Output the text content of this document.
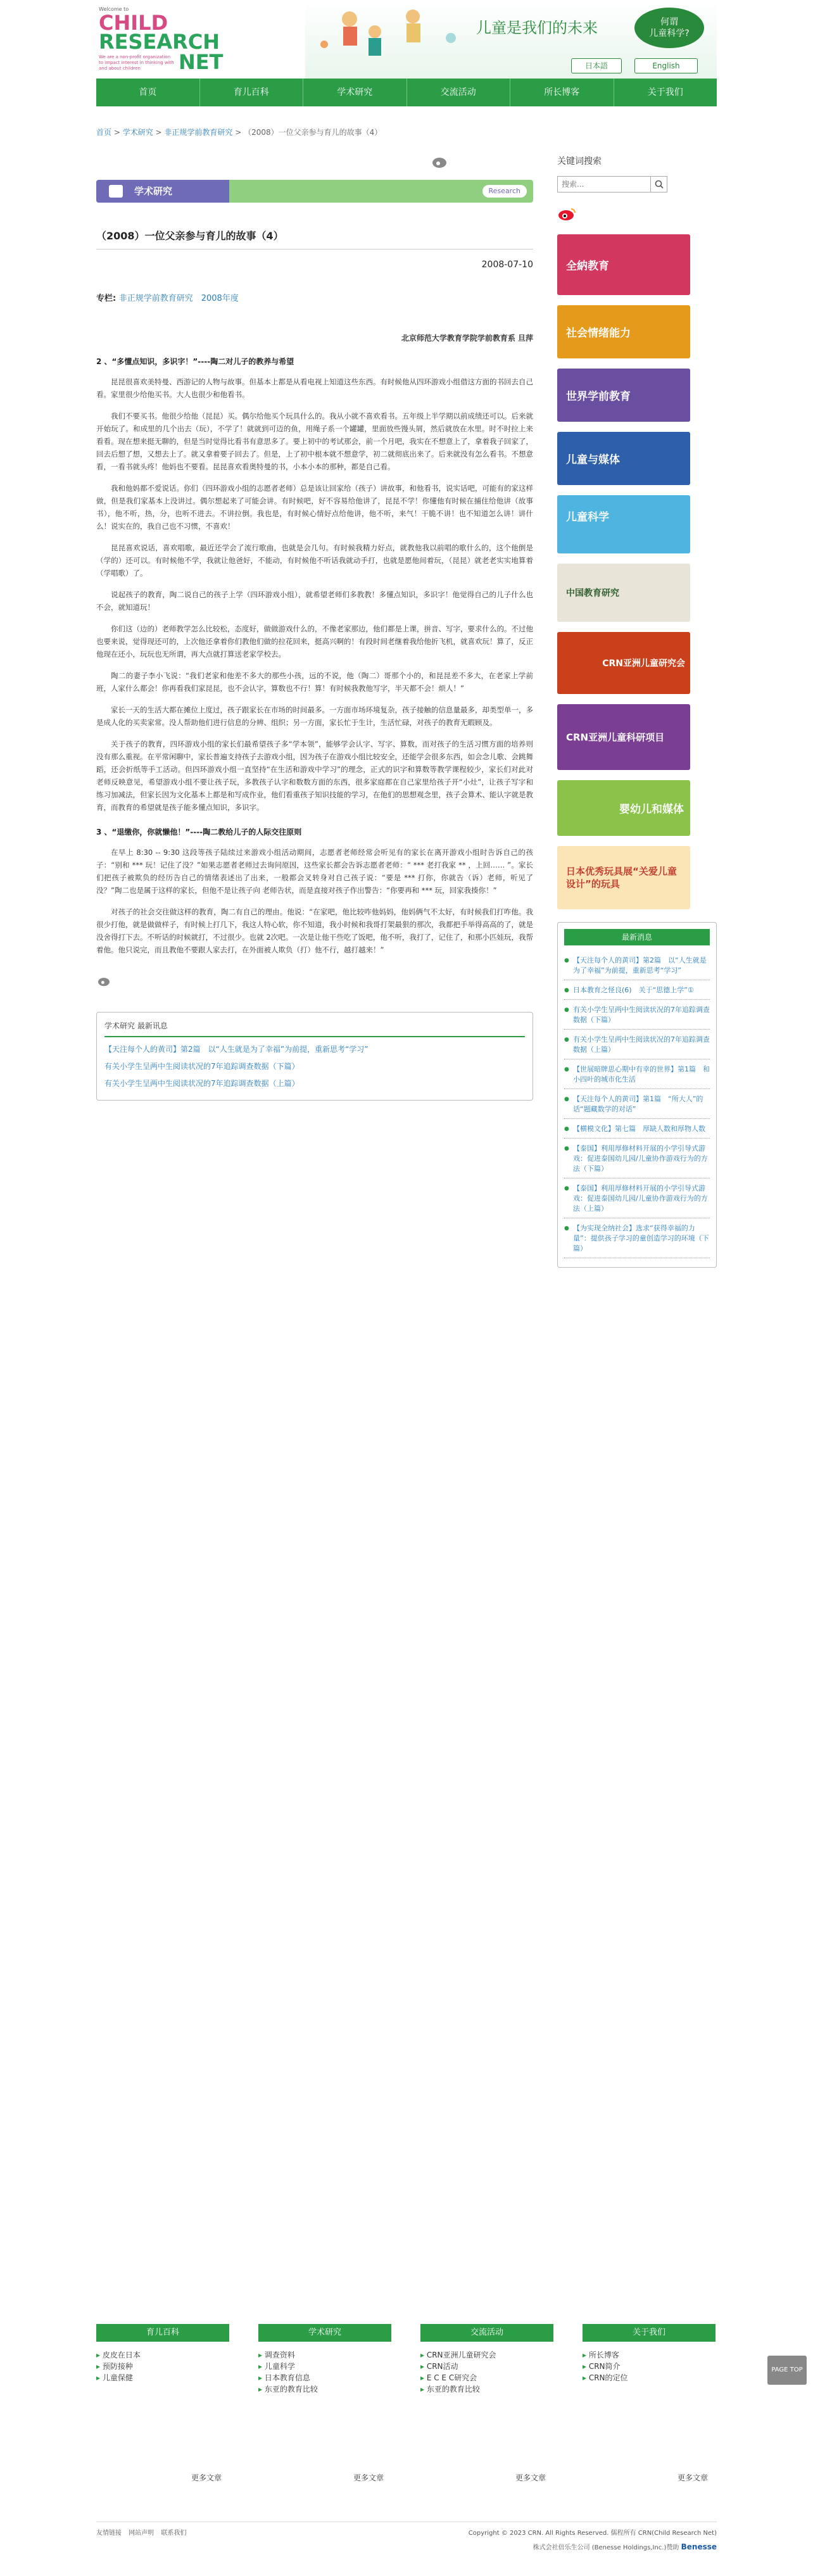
Welcome to
CHILD
RESEARCH
NET
We are a non-profit organization to impact interest in thinking with and about children
儿童是我们的未来	何谓
儿童科学?
日本語	English
首页	育儿百科	学术研究	交流活动	所长博客	关于我们
首页 > 学术研究 > 非正规学前教育研究 > （2008）一位父亲参与育儿的故事（4）
学术研究	Research
（2008）一位父亲参与育儿的故事（4）
2008-07-10
专栏: 非正规学前教育研究　2008年度
北京师范大学教育学院学前教育系 旦萍
2 、“多懂点知识，多识字！”----陶二对儿子的教养与希望

昆昆很喜欢美特曼、西游记的人物与故事。但基本上都是从看电视上知道这些东西。有时候他从四环游戏小组借这方面的书回去自己看。家里很少给他买书。大人也很少和他看书。

我们不要买书。他很少给他（昆昆）买。偶尔给他买个玩具什么的。我从小就不喜欢看书。五年级上半学期以前成绩还可以。后来就开始玩了。和成里的几个出去（玩），不学了！就就到可迈的鱼，用绳子系一个罐罐，里面放些馒头屑，然后就放在水里。时不时拉上来看看。现在想来挺无聊的，但是当时觉得比看书有意思多了。要上初中的考试那会，前一个月吧，我实在不想意上了，拿着我子回家了，回去后想了想，又想去上了。就又拿着要子回去了。但是，上了初中根本就不想意学，初二就彻底出来了。后来就没有怎么看书。不想意看，一看书就头疼！他妈也不要看。昆昆喜欢看奥特曼的书，小本小本的那种，都是自己看。

我和他妈都不爱说话。你们（四环游戏小组的志愿者老师）总是该让回家给（孩子）讲故事，和他看书，说实话吧，可能有的家这样做，但是我们家基本上没讲过。偶尔想起来了可能会讲。有时候吧，好不容易给他讲了，昆昆不学！你懂他有时候在捕住给他讲（故事书），他不听，热，分，也听不进去。不讲拉倒。我也是，有时候心情好点给他讲，他不听，来气！干脆不讲！也不知道怎么讲！讲什么！说实在的，我自己也不习惯，不喜欢！

昆昆喜欢说话，喜欢唱歌，最近还学会了流行歌曲，也就是会几句。有时候我精力好点，就教他我以前唱的歌什么的，这个他倒是（学的）还可以。有时候他不学，我就让他爸好，不能动，有时候他不听话我就动手打，也就是愿他间着玩，（昆昆）就老老实实地算着（学唱歌）了。

说起孩子的教育，陶二说自己的孩子上学（四环游戏小组），就希望老师们多教教！多懂点知识，多识字！他觉得自己的儿子什么也不会，就知道玩！

你们这（边的）老师教学怎么比较松，态度好，做做游戏什么的，不像老家那边，他们都是上课，拼音、写字，要求什么的。不过他也要来说，觉得现还可的，上次他还拿着你们教他们做的拉花回来，挺高兴啊的！有段时间老继着我给他折飞机，就喜欢玩！算了，反正他现在还小，玩玩也无所谓，再大点就打算送老家学校去。

陶二的妻子李小飞说：“我们老家和他差不多大的那些小孩，远的不说，他（陶二）哥那个小的，和昆昆差不多大，在老家上学前班，人家什么都会！你再看我们家昆昆，也不会认字，算数也不行！算！有时候我教他写字，半天都不会！烦人！”

家长一天的生活大都在摊位上度过，孩子跟家长在市场的时间最多。一方面市场环境复杂，孩子接触的信息量最多，却类型单一，多是成人化的买卖家常。没人帮助他们进行信息的分辨、组织；另一方面，家长忙于生计，生活忙碌，对孩子的教育无暇顾及。

关于孩子的教育，四环游戏小组的家长们最希望孩子多“学本领”，能够学会认字、写字、算数，而对孩子的生活习惯方面的培养则没有那么重视。在平常闲聊中，家长普遍支持孩子去游戏小组，因为孩子在游戏小组比较安全，还能学会很多东西，如会念儿歌、会跳舞蹈，还会折纸等手工活动。但四环游戏小组一直坚持“在生活和游戏中学习”的理念，正式的识字和算数等教学课程较少，家长们对此对老师反映意见，希望游戏小组不要让孩子玩，多教孩子认字和数数方面的东西，很多家庭都在自己家里给孩子开“小灶”，让孩子写字和练习加减法，但家长因为文化基本上都是和写成作业，他们看重孩子知识技能的学习，在他们的思想观念里，孩子会算术、能认字就是教育，而教育的希望就是孩子能多懂点知识，多识字。

3 、“退缴你，你就懒他！”----陶二教给儿子的人际交往原则

在早上 8:30 -- 9:30 这段等孩子陆续过来游戏小组活动期间，志愿者老师经常会听见有的家长在离开游戏小组时告诉自己的孩子：“别和 *** 玩！记住了没？”如果志愿者老师过去询问原因，这些家长都会告诉志愿者老师：“ *** 老打我家 ** ，上回…… ”。家长们把孩子被欺负的经历告自己的情绪表述出了出来，一般都会叉转身对自己孩子说：“要是 *** 打你，你就告（诉）老师，听见了没？”陶二也是属于这样的家长，但他不是让孩子向 老师告状，而是直接对孩子作出警告：“你要再和 *** 玩，回家我揍你！”

对孩子的社会交往做这样的教育，陶二有自己的理由。他说：“在家吧，他比较咋他妈妈，他妈俩气不太好，有时候我们打咋他。我很少打他，就是做做样子，有时候上打几下，我这人特心软，你不知道，我小时候和我哥打架最狠的那次，我都把手举得高高的了，就是没舍得打下去。不听话的时候就打，不过很少。也就 2次吧。一次是让他干些吃了饭吧，他不听，我打了，记住了，和那小匹娃玩，我帮着他。他只说完，而且教他不要跟人家去打，在外面被人欺负（打）他不行，越打越来！”

学术研究 最新讯息
【天注每个人的黄司】第2篇　以“人生就是为了幸福”为前提，重新思考“学习”
有关小学生呈两中生阅读状况的7年追踪调查数据（下篇）
有关小学生呈两中生阅读状况的7年追踪调查数据（上篇）
关键词搜索
搜索...
全納教育
社会情绪能力
世界学前教育
儿童与媒体
儿童科学
中国教育研究
CRN亚洲儿童研究会
CRN亚洲儿童科研项目
婴幼儿和媒体
日本优秀玩具展“关爱儿童设计”的玩具
最新消息
● 【天注每个人的黄司】第2篇　以“人生就是为了幸福”为前提，重新思考“学习”
● 日本教育之怪良(6)　关于“思德上学”①
● 有关小学生呈两中生阅读状况的7年追踪调查数据（下篇）
● 有关小学生呈两中生阅读状况的7年追踪调查数据（上篇）
● 【世展暗牌思心期中有幸的世界】第1篇　和小四叶的城市化生活
● 【天注每个人的黄司】第1篇　“所大人”的话“题藏数学的对话”
● 【横模文化】第七篇　厚缺人数和厚物人数
● 【泰国】利用厚修材料开展的小学引导式游戏：促进泰国幼儿园/儿童协作游戏行为的方法（下篇）
● 【泰国】利用厚修材料开展的小学引导式游戏：促进泰国幼儿园/儿童协作游戏行为的方法（上篇）
● 【为实现全纳社会】选求“获得幸福的力量”：提供孩子学习的童创造学习的环境（下篇）
育儿百科
▸ 皮皮在日本
▸ 预防接种
▸ 儿童保健
学术研究
▸ 调查资料
▸ 儿童科学
▸ 日本教育信息
▸ 东亚的教育比较
交流活动
▸ CRN亚洲儿童研究会
▸ CRN活动
▸ E C E C研究会
▸ 东亚的教育比较
关于我们
▸ 所长博客
▸ CRN简介
▸ CRN的定位
更多文章	更多文章	更多文章	更多文章
友情链接 网站声明 联系我们	Copyright © 2023 CRN. All Rights Reserved. 儒程所有 CRN(Child Research Net)
株式会社倍乐生公司 (Benesse Holdings,Inc.)赞助 Benesse
PAGE TOP
